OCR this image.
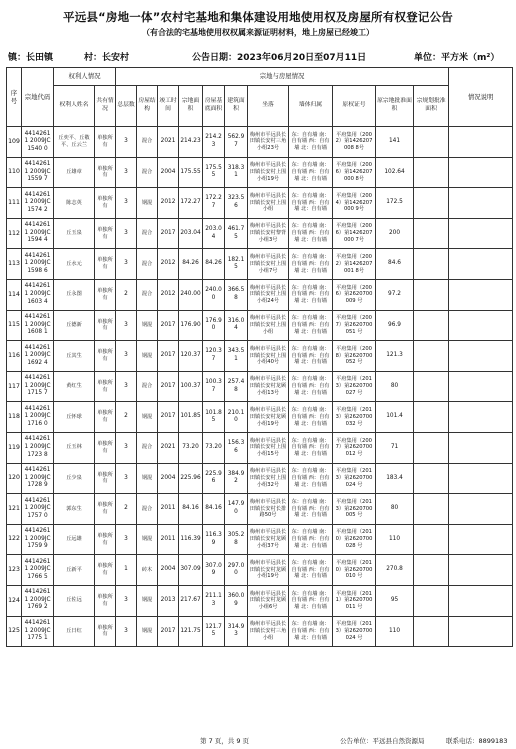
平远县“房地一体”农村宅基地和集体建设用地使用权及房屋所有权登记公告
（有合法的宅基地使用权权属来源证明材料，地上房屋已经竣工）
镇：长田镇	村：长安村	公告日期：2023年06月20日至07月11日	单位：平方米（m²）
序号	宗地代码	权利人情况		宗地与房屋情况											情况说明
		权利人姓名	共有情况	总层数	房屋结构	竣工时间	宗地面积	房屋基底面积	建筑面积	坐落	墙体归属	原权证号	原宗地批准面积	宗规划批准面积	
109	44142611 2009JC1540 0	丘奕平、丘敬平、丘云兰	单独所有	3	混合	2021	214.23	214.23	562.97	梅州市平远县长田镇长安村三角小组23号	东：自有墙 南：自有墙 西：自有墙 北：自有墙	平府集用（2002）第1426207008 8号	141		
110	44142611 2009JC1559 7	丘雄章	单独所有	3	混合	2004	175.55	175.55	318.31	梅州市平远县长田镇长安村上围小组19号	东：自有墙 南：自有墙 西：自有墙 北：自有墙	平府集用（2006）第1426207000 8号	102.64		
111	44142611 2009JC1574 2	陈志英	单独所有	3	钢混	2012	172.27	172.27	323.56	梅州市平远县长田镇长安村上围小组	东：自有墙 南：自有墙 西：自有墙 北：自有墙	平府集用（2004）第1426207000 9号	172.5		
112	44142611 2009JC1594 4	丘玉泉	单独所有	3	混合	2017	203.04	203.04	461.75	梅州市平远县长田镇长安村黎背小组3号	东：自有墙 南：自有墙 西：自有墙 北：自有墙	平府集用（2006）第1426207000 7号	200		
113	44142611 2009JC1598 6	丘水元	单独所有	3	混合	2012	84.26	84.26	182.15	梅州市平远县长田镇长安村上围小组7号	东：自有墙 南：自有墙 西：自有墙 北：自有墙	平府集用（2002）第1426207001 8号	84.6		
114	44142611 2009JC1603 4	丘永图	单独所有	2	混合	2012	240.00	240.00	366.58	梅州市平远县长田镇长安村上围小组24号	东：自有墙 南：自有墙 西：自有墙 北：自有墙	平府集用（2006）第2620700009 号	97.2		
115	44142611 2009JC1608 1	丘德新	单独所有	3	钢混	2017	176.90	176.90	316.04	梅州市平远县长田镇长安村上围小组	东：自有墙 南：自有墙 西：自有墙 北：自有墙	平府集用（2007）第2620700051 号	96.9		
116	44142611 2009JC1692 4	丘其生	单独所有	3	钢混	2017	120.37	120.37	343.51	梅州市平远县长田镇长安村上围小组40号	东：自有墙 南：自有墙 西：自有墙 北：自有墙	平府集用（2008）第2620700052 号	121.3		
117	44142611 2009JC1715 7	黄红生	单独所有	3	混合	2017	100.37	100.37	257.48	梅州市平远县长田镇长安村龙顾小组13号	东：自有墙 南：自有墙 西：自有墙 北：自有墙	平府集用（2013）第2620700027 号	80		
118	44142611 2009JC1716 0	丘怀球	单独所有	2	钢混	2017	101.85	101.85	210.10	梅州市平远县长田镇长安村龙顾小组19号	东：自有墙 南：自有墙 西：自有墙 北：自有墙	平府集用（2013）第2620700032 号	101.4		
119	44142611 2009JC1723 8	丘玉林	单独所有	3	混合	2021	73.20	73.20	156.36	梅州市平远县长田镇长安村上围小组15号	东：自有墙 南：自有墙 西：自有墙 北：自有墙	平府集用（2007）第2620700012 号	71		
120	44142611 2009JC1728 9	丘少泉	单独所有	3	钢混	2004	225.96	225.96	384.92	梅州市平远县长田镇长安村上围小组32号	东：自有墙 南：自有墙 西：自有墙 北：自有墙	平府集用（2013）第2620700024 号	183.4		
121	44142611 2009JC1757 0	郭东生	单独所有	2	混合	2011	84.16	84.16	147.90	梅州市平远县长田镇长安村长排路50号	东：自有墙 南：自有墙 西：自有墙 北：自有墙	平府集用（2013）第2620700005 号	80		
122	44142611 2009JC1759 9	丘远雄	单独所有	3	钢混	2011	116.39	116.39	305.28	梅州市平远县长田镇长安村龙顾小组37号	东：自有墙 南：自有墙 西：自有墙 北：自有墙	平府集用（2010）第2620700028 号	110		
123	44142611 2009JC1766 5	丘新平	单独所有	1	砖木	2004	307.09	307.09	297.00	梅州市平远县长田镇长安村龙顾小组19号	东：自有墙 南：自有墙 西：自有墙 北：自有墙	平府集用（2010）第2620700010 号	270.8		
124	44142611 2009JC1769 2	丘佐远	单独所有	3	钢混	2013	217.67	211.13	360.09	梅州市平远县长田镇长安村龙顾小组6号	东：自有墙 南：自有墙 西：自有墙 北：自有墙	平府集用（2011）第2620700011 号	95		
125	44142611 2009JC1775 1	丘日红	单独所有	3	钢混	2017	121.75	121.75	314.93	梅州市平远县长田镇长安村三角小组	东：自有墙 南：自有墙 西：自有墙 北：自有墙	平府集用（2013）第2620700024 号	110		
第 7 页，共 9 页	公告单位：平远县自然资源局	联系电话：8899183
